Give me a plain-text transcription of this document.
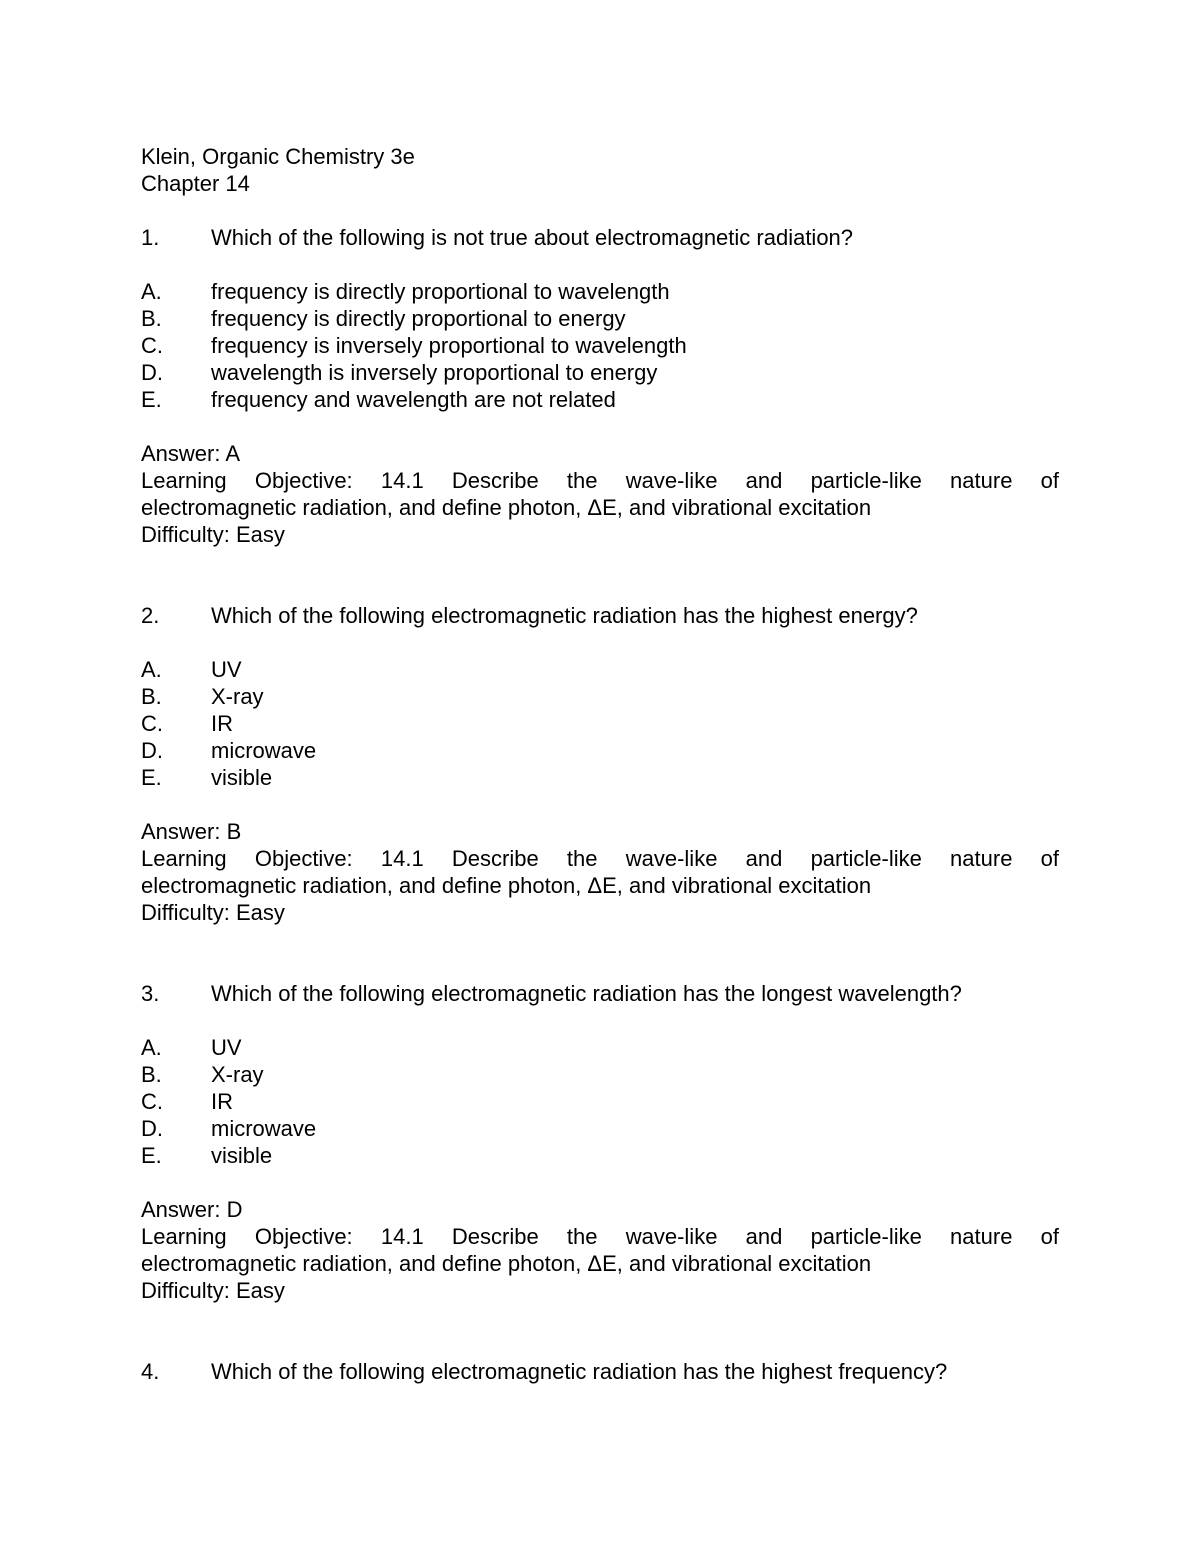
Klein, Organic Chemistry 3e
Chapter 14
1.	Which of the following is not true about electromagnetic radiation?
A.	frequency is directly proportional to wavelength
B.	frequency is directly proportional to energy
C.	frequency is inversely proportional to wavelength
D.	wavelength is inversely proportional to energy
E.	frequency and wavelength are not related
Answer: A
Learning Objective: 14.1 Describe the wave-like and particle-like nature of
electromagnetic radiation, and define photon, ΔE, and vibrational excitation
Difficulty: Easy
2.	Which of the following electromagnetic radiation has the highest energy?
A.	UV
B.	X-ray
C.	IR
D.	microwave
E.	visible
Answer: B
Learning Objective: 14.1 Describe the wave-like and particle-like nature of
electromagnetic radiation, and define photon, ΔE, and vibrational excitation
Difficulty: Easy
3.	Which of the following electromagnetic radiation has the longest wavelength?
A.	UV
B.	X-ray
C.	IR
D.	microwave
E.	visible
Answer: D
Learning Objective: 14.1 Describe the wave-like and particle-like nature of
electromagnetic radiation, and define photon, ΔE, and vibrational excitation
Difficulty: Easy
4.	Which of the following electromagnetic radiation has the highest frequency?
